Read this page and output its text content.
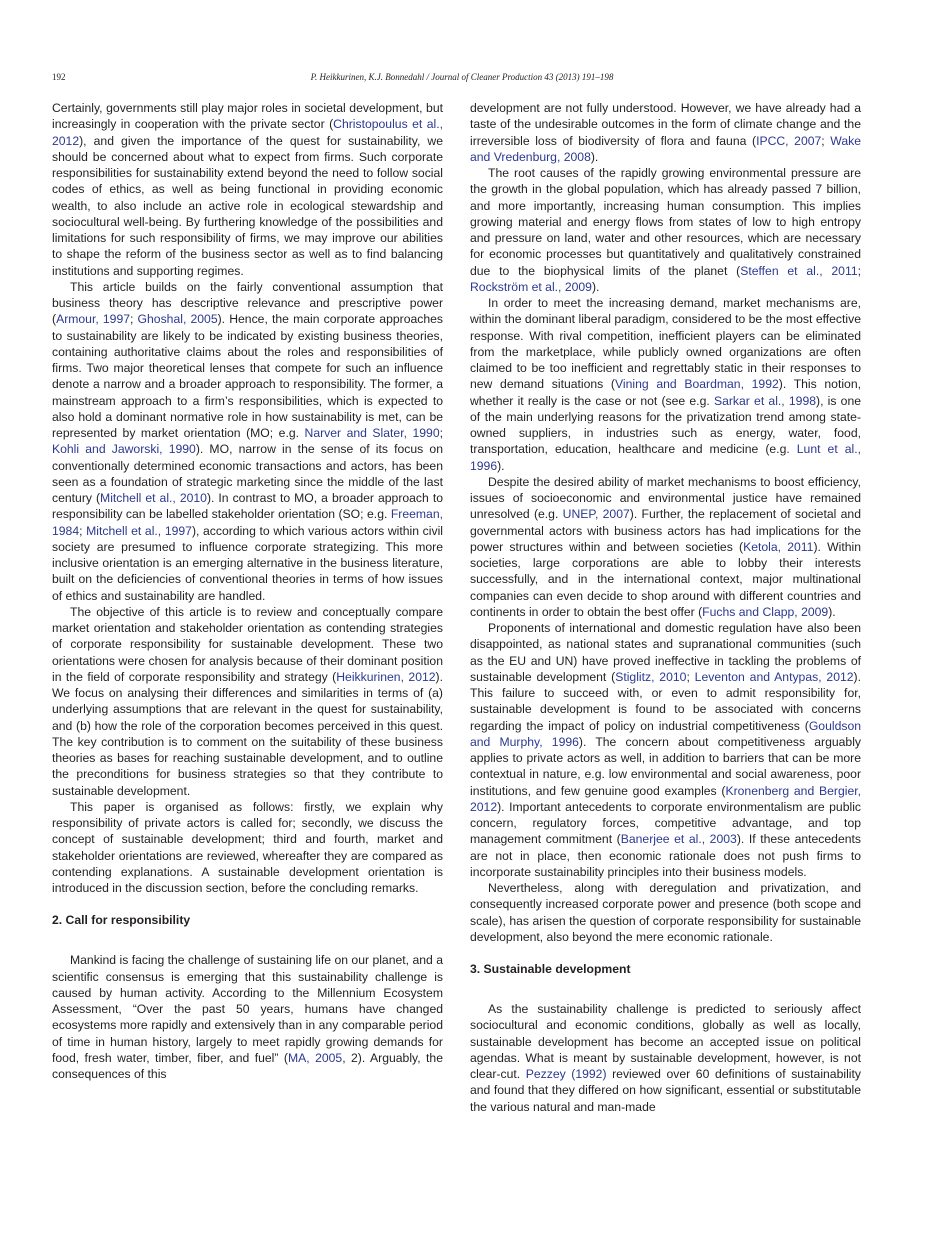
192	P. Heikkurinen, K.J. Bonnedahl / Journal of Cleaner Production 43 (2013) 191–198

Certainly, governments still play major roles in societal development, but increasingly in cooperation with the private sector (Christopoulus et al., 2012), and given the importance of the quest for sustainability, we should be concerned about what to expect from firms. Such corporate responsibilities for sustainability extend beyond the need to follow social codes of ethics, as well as being functional in providing economic wealth, to also include an active role in ecological stewardship and sociocultural well-being. By furthering knowledge of the possibilities and limitations for such responsibility of firms, we may improve our abilities to shape the reform of the business sector as well as to find balancing institutions and supporting regimes.

This article builds on the fairly conventional assumption that business theory has descriptive relevance and prescriptive power (Armour, 1997; Ghoshal, 2005). Hence, the main corporate approaches to sustainability are likely to be indicated by existing business theories, containing authoritative claims about the roles and responsibilities of firms. Two major theoretical lenses that compete for such an influence denote a narrow and a broader approach to responsibility. The former, a mainstream approach to a firm’s responsibilities, which is expected to also hold a dominant normative role in how sustainability is met, can be represented by market orientation (MO; e.g. Narver and Slater, 1990; Kohli and Jaworski, 1990). MO, narrow in the sense of its focus on conventionally determined economic transactions and actors, has been seen as a foundation of strategic marketing since the middle of the last century (Mitchell et al., 2010). In contrast to MO, a broader approach to responsibility can be labelled stakeholder orientation (SO; e.g. Freeman, 1984; Mitchell et al., 1997), according to which various actors within civil society are presumed to influence corporate strategizing. This more inclusive orientation is an emerging alternative in the business literature, built on the deficiencies of conventional theories in terms of how issues of ethics and sustainability are handled.

The objective of this article is to review and conceptually compare market orientation and stakeholder orientation as contending strategies of corporate responsibility for sustainable development. These two orientations were chosen for analysis because of their dominant position in the field of corporate responsibility and strategy (Heikkurinen, 2012). We focus on analysing their differences and similarities in terms of (a) underlying assumptions that are relevant in the quest for sustainability, and (b) how the role of the corporation becomes perceived in this quest. The key contribution is to comment on the suitability of these business theories as bases for reaching sustainable development, and to outline the preconditions for business strategies so that they contribute to sustainable development.

This paper is organised as follows: firstly, we explain why responsibility of private actors is called for; secondly, we discuss the concept of sustainable development; third and fourth, market and stakeholder orientations are reviewed, whereafter they are compared as contending explanations. A sustainable development orientation is introduced in the discussion section, before the concluding remarks.

2. Call for responsibility

Mankind is facing the challenge of sustaining life on our planet, and a scientific consensus is emerging that this sustainability challenge is caused by human activity. According to the Millennium Ecosystem Assessment, “Over the past 50 years, humans have changed ecosystems more rapidly and extensively than in any comparable period of time in human history, largely to meet rapidly growing demands for food, fresh water, timber, fiber, and fuel” (MA, 2005, 2). Arguably, the consequences of this

development are not fully understood. However, we have already had a taste of the undesirable outcomes in the form of climate change and the irreversible loss of biodiversity of flora and fauna (IPCC, 2007; Wake and Vredenburg, 2008).

The root causes of the rapidly growing environmental pressure are the growth in the global population, which has already passed 7 billion, and more importantly, increasing human consumption. This implies growing material and energy flows from states of low to high entropy and pressure on land, water and other resources, which are necessary for economic processes but quantitatively and qualitatively constrained due to the biophysical limits of the planet (Steffen et al., 2011; Rockström et al., 2009).

In order to meet the increasing demand, market mechanisms are, within the dominant liberal paradigm, considered to be the most effective response. With rival competition, inefficient players can be eliminated from the marketplace, while publicly owned organizations are often claimed to be too inefficient and regrettably static in their responses to new demand situations (Vining and Boardman, 1992). This notion, whether it really is the case or not (see e.g. Sarkar et al., 1998), is one of the main underlying reasons for the privatization trend among state-owned suppliers, in industries such as energy, water, food, transportation, education, healthcare and medicine (e.g. Lunt et al., 1996).

Despite the desired ability of market mechanisms to boost efficiency, issues of socioeconomic and environmental justice have remained unresolved (e.g. UNEP, 2007). Further, the replacement of societal and governmental actors with business actors has had implications for the power structures within and between societies (Ketola, 2011). Within societies, large corporations are able to lobby their interests successfully, and in the international context, major multinational companies can even decide to shop around with different countries and continents in order to obtain the best offer (Fuchs and Clapp, 2009).

Proponents of international and domestic regulation have also been disappointed, as national states and supranational communities (such as the EU and UN) have proved ineffective in tackling the problems of sustainable development (Stiglitz, 2010; Leventon and Antypas, 2012). This failure to succeed with, or even to admit responsibility for, sustainable development is found to be associated with concerns regarding the impact of policy on industrial competitiveness (Gouldson and Murphy, 1996). The concern about competitiveness arguably applies to private actors as well, in addition to barriers that can be more contextual in nature, e.g. low environmental and social awareness, poor institutions, and few genuine good examples (Kronenberg and Bergier, 2012). Important antecedents to corporate environmentalism are public concern, regulatory forces, competitive advantage, and top management commitment (Banerjee et al., 2003). If these antecedents are not in place, then economic rationale does not push firms to incorporate sustainability principles into their business models.

Nevertheless, along with deregulation and privatization, and consequently increased corporate power and presence (both scope and scale), has arisen the question of corporate responsibility for sustainable development, also beyond the mere economic rationale.

3. Sustainable development

As the sustainability challenge is predicted to seriously affect sociocultural and economic conditions, globally as well as locally, sustainable development has become an accepted issue on political agendas. What is meant by sustainable development, however, is not clear-cut. Pezzey (1992) reviewed over 60 definitions of sustainability and found that they differed on how significant, essential or substitutable the various natural and man-made
